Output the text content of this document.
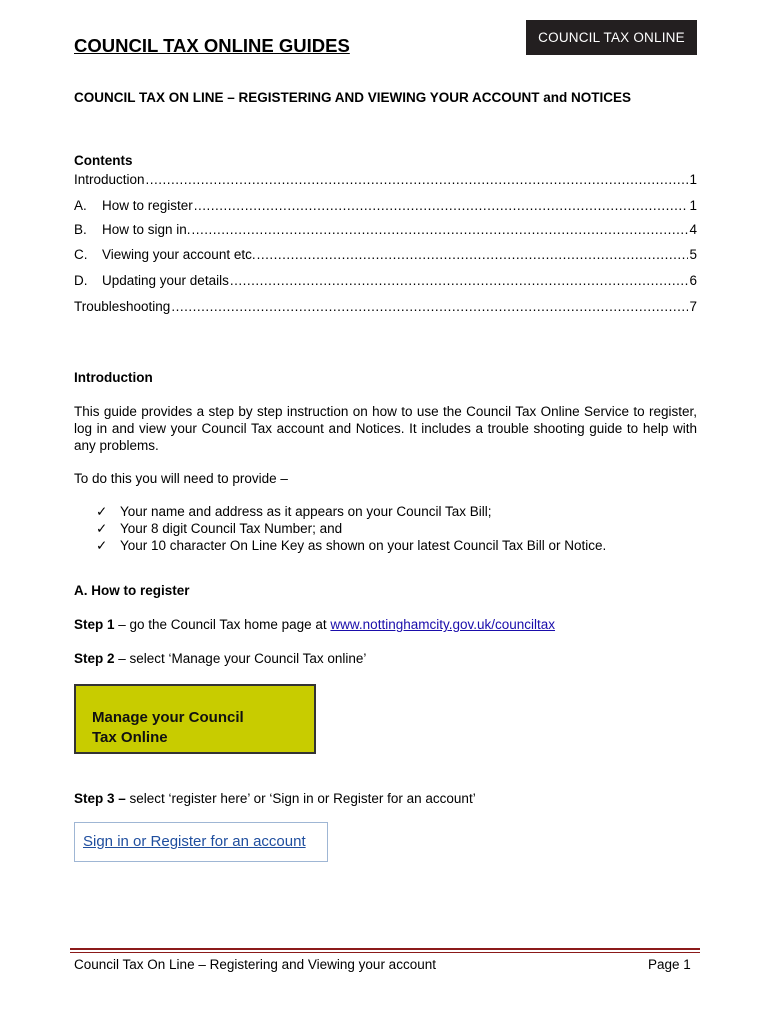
COUNCIL TAX ONLINE GUIDES	COUNCIL TAX ONLINE
COUNCIL TAX ON LINE – REGISTERING AND VIEWING YOUR ACCOUNT and NOTICES
Contents
Introduction .....	1
A.	How to register .....	1
B.	How to sign in. .....	4
C.	Viewing your account etc. .....	5
D.	Updating your details .....	6
Troubleshooting .....	7
Introduction
This guide provides a step by step instruction on how to use the Council Tax Online Service to register, log in and view your Council Tax account and Notices. It includes a trouble shooting guide to help with any problems.
To do this you will need to provide –
✓ Your name and address as it appears on your Council Tax Bill;
✓ Your 8 digit Council Tax Number; and
✓ Your 10 character On Line Key as shown on your latest Council Tax Bill or Notice.
A. How to register
Step 1 – go the Council Tax home page at www.nottinghamcity.gov.uk/counciltax
Step 2 – select ‘Manage your Council Tax online’
Manage your Council Tax Online
Step 3 – select ‘register here’ or ‘Sign in or Register for an account’
Sign in or Register for an account
Council Tax On Line – Registering and Viewing your account	Page 1
